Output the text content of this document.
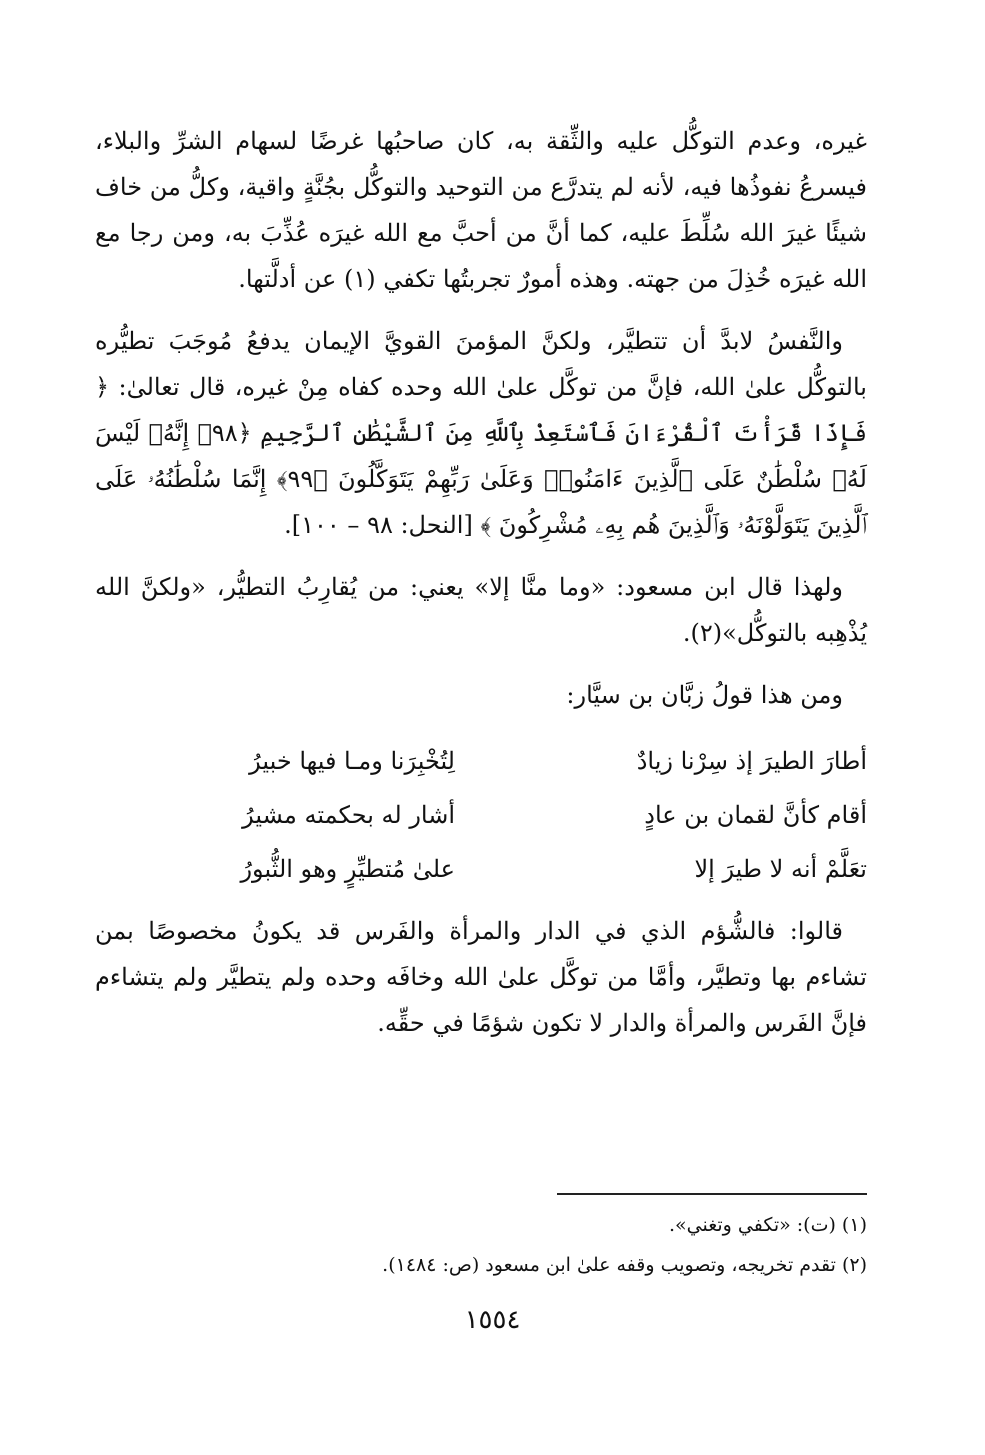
غيره، وعدم التوكُّل عليه والثِّقة به، كان صاحبُها غرضًا لسهام الشرِّ والبلاء، فيسرعُ نفوذُها فيه، لأنه لم يتدرَّع من التوحيد والتوكُّل بجُنَّةٍ واقية، وكلُّ من خاف شيئًا غيرَ الله سُلِّطَ عليه، كما أنَّ من أحبَّ مع الله غيرَه عُذِّبَ به، ومن رجا مع الله غيرَه خُذِلَ من جهته. وهذه أمورٌ تجربتُها تكفي (١) عن أدلَّتها.

والنَّفسُ لابدَّ أن تتطيَّر، ولكنَّ المؤمنَ القويَّ الإيمان يدفعُ مُوجَبَ تطيُّره بالتوكُّل علىٰ الله، فإنَّ من توكَّل علىٰ الله وحده كفاه مِنْ غيره، قال تعالىٰ: ﴿ فَإِذَا قَرَأْتَ ٱلْقُرْءَانَ فَٱسْتَعِذْ بِٱللَّهِ مِنَ ٱلشَّيْطَٰنِ ٱلرَّجِيمِ ﴿٩٨﴾ إِنَّهُۥ لَيْسَ لَهُۥ سُلْطَٰنٌ عَلَى ٱلَّذِينَ ءَامَنُوا۟ وَعَلَىٰ رَبِّهِمْ يَتَوَكَّلُونَ ﴿٩٩﴾ إِنَّمَا سُلْطَٰنُهُۥ عَلَى ٱلَّذِينَ يَتَوَلَّوْنَهُۥ وَٱلَّذِينَ هُم بِهِۦ مُشْرِكُونَ ﴾ [النحل: ٩٨ – ١٠٠].

ولهذا قال ابن مسعود: «وما منَّا إلا» يعني: من يُقارِبُ التطيُّر، «ولكنَّ الله يُذْهِبه بالتوكُّل»(٢).

ومن هذا قولُ زبَّان بن سيَّار:

أطارَ الطيرَ إذ سِرْنا زيادٌ
لِتُخْبِرَنا ومـا فيها خبيرُ
أقام كأنَّ لقمان بن عادٍ
أشار له بحكمته مشيرُ
تعَلَّمْ أنه لا طيرَ إلا
علىٰ مُتطيِّرٍ وهو الثُّبورُ

قالوا: فالشُّؤم الذي في الدار والمرأة والفَرس قد يكونُ مخصوصًا بمن تشاءم بها وتطيَّر، وأمَّا من توكَّل علىٰ الله وخافَه وحده ولم يتطيَّر ولم يتشاءم فإنَّ الفَرس والمرأة والدار لا تكون شؤمًا في حقِّه.

(١) (ت): «تكفي وتغني».

(٢) تقدم تخريجه، وتصويب وقفه علىٰ ابن مسعود (ص: ١٤٨٤).

١٥٥٤
